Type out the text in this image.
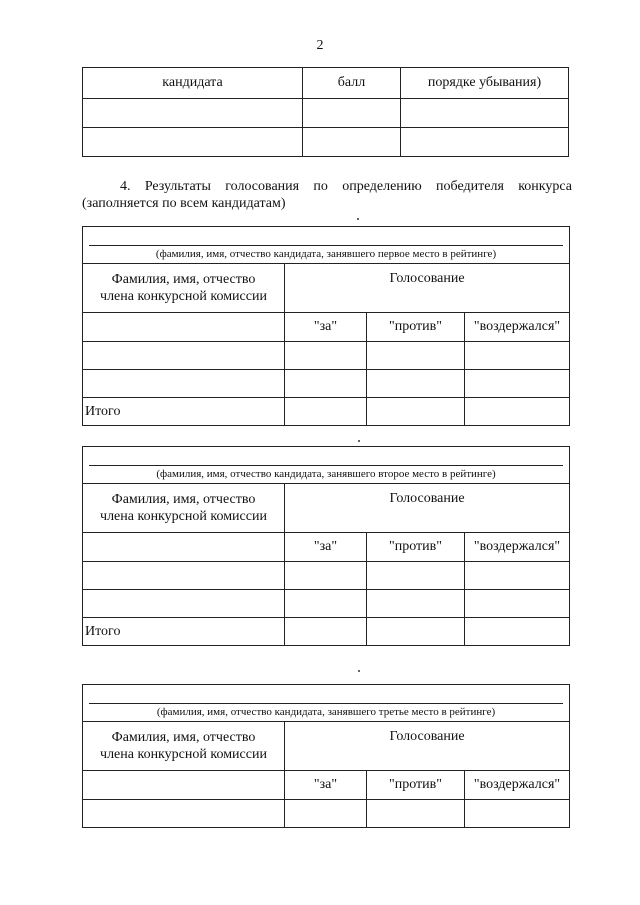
2
кандидата	балл	порядке убывания)

4. Результаты голосования по определению победителя конкурса
(заполняется по всем кандидатам)
(фамилия, имя, отчество кандидата, занявшего первое место в рейтинге)			

Фамилия, имя, отчество
члена конкурсной комиссии	Голосование		
	"за"	"против"	"воздержался"

Итого			
(фамилия, имя, отчество кандидата, занявшего второе место в рейтинге)			

Фамилия, имя, отчество
члена конкурсной комиссии	Голосование		
	"за"	"против"	"воздержался"

Итого			
(фамилия, имя, отчество кандидата, занявшего третье место в рейтинге)			

Фамилия, имя, отчество
члена конкурсной комиссии	Голосование		
	"за"	"против"	"воздержался"
